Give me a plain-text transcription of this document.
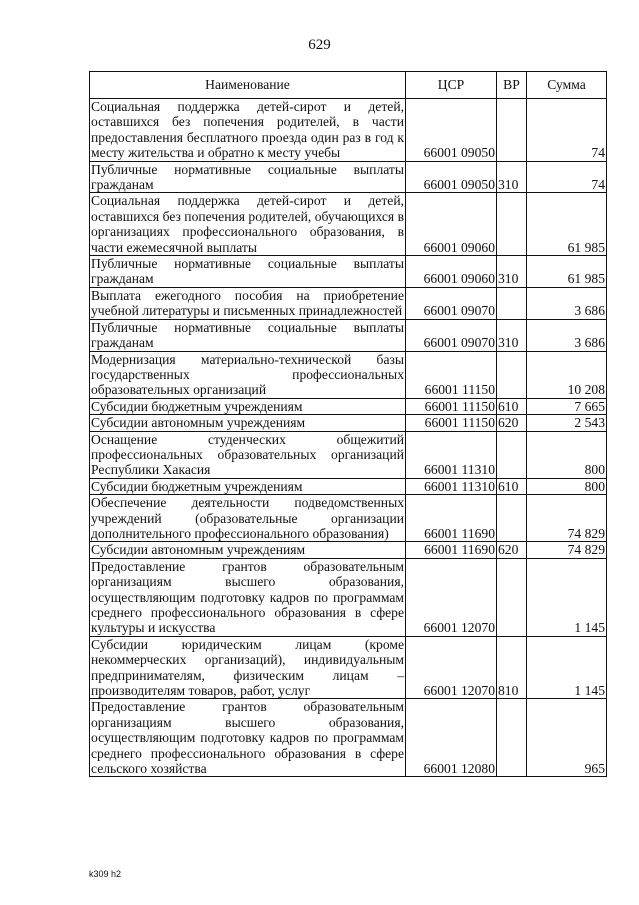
629
Наименование	ЦСР	ВР	Сумма
Социальная поддержка детей-сирот и детей, оставшихся без попечения родителей, в части предоставления бесплатного проезда один раз в год к месту жительства и обратно к месту учебы	66001 09050		74
Публичные нормативные социальные выплаты гражданам	66001 09050	310	74
Социальная поддержка детей-сирот и детей, оставшихся без попечения родителей, обучающихся в организациях профессионального образования, в части ежемесячной выплаты	66001 09060		61 985
Публичные нормативные социальные выплаты гражданам	66001 09060	310	61 985
Выплата ежегодного пособия на приобретение учебной литературы и письменных принадлежностей	66001 09070		3 686
Публичные нормативные социальные выплаты гражданам	66001 09070	310	3 686
Модернизация материально-технической базы государственных профессиональных образовательных организаций	66001 11150		10 208
Субсидии бюджетным учреждениям	66001 11150	610	7 665
Субсидии автономным учреждениям	66001 11150	620	2 543
Оснащение студенческих общежитий профессиональных образовательных организаций Республики Хакасия	66001 11310		800
Субсидии бюджетным учреждениям	66001 11310	610	800
Обеспечение деятельности подведомственных учреждений (образовательные организации дополнительного профессионального образования)	66001 11690		74 829
Субсидии автономным учреждениям	66001 11690	620	74 829
Предоставление грантов образовательным организациям высшего образования, осуществляющим подготовку кадров по программам среднего профессионального образования в сфере культуры и искусства	66001 12070		1 145
Субсидии юридическим лицам (кроме некоммерческих организаций), индивидуальным предпринимателям, физическим лицам – производителям товаров, работ, услуг	66001 12070	810	1 145
Предоставление грантов образовательным организациям высшего образования, осуществляющим подготовку кадров по программам среднего профессионального образования в сфере сельского хозяйства	66001 12080		965
k309 h2
